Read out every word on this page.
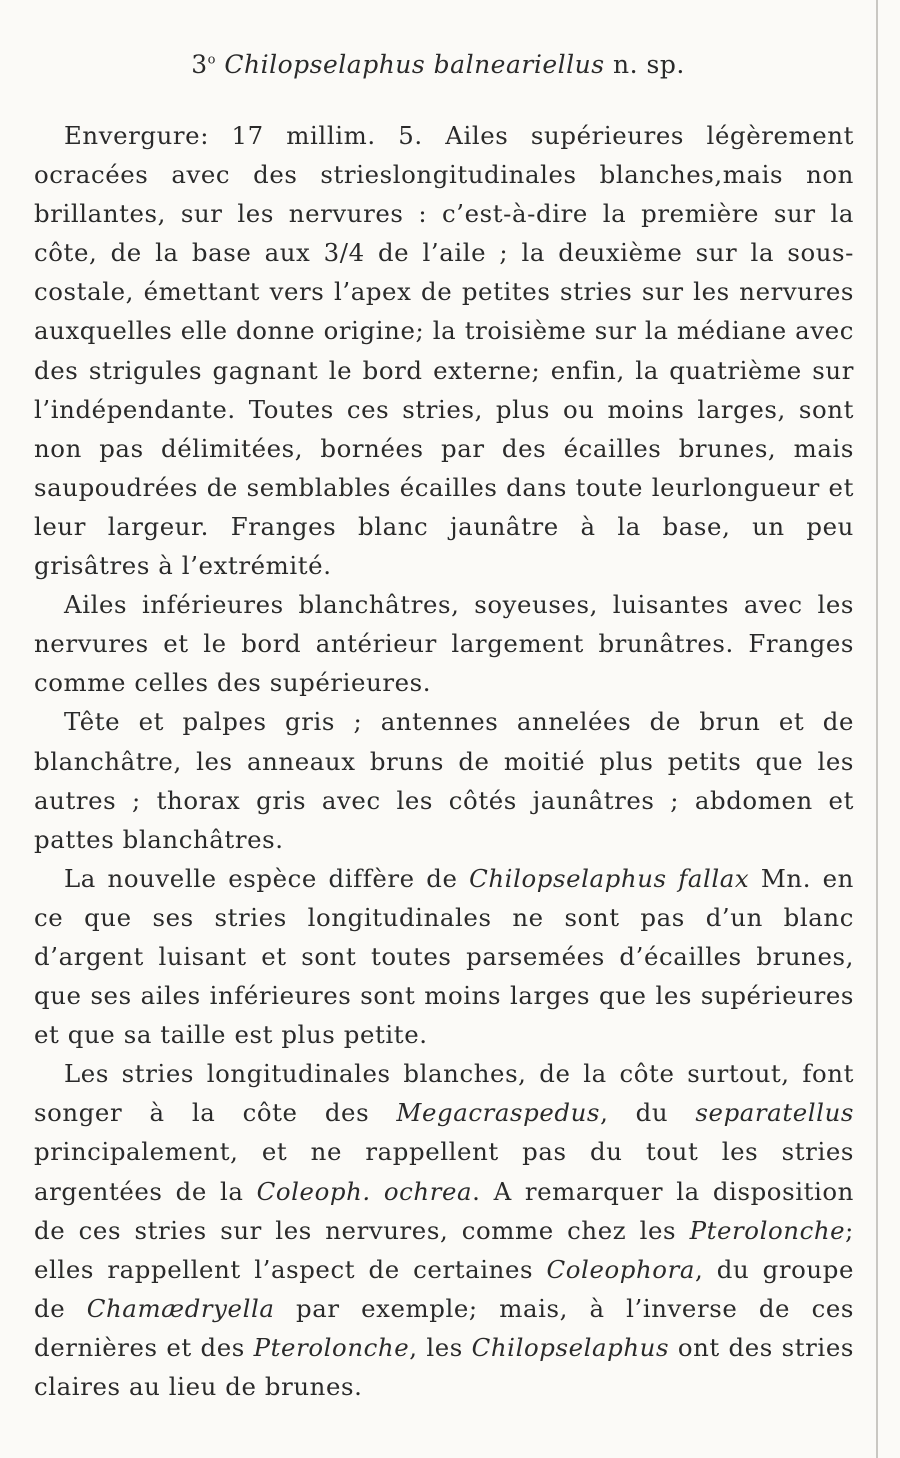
3$^o$ Chilopselaphus balneariellus n. sp.

Envergure: 17 millim. 5. Ailes supérieures légèrement ocracées avec des strieslongitudinales blanches,mais non brillantes, sur les nervures : c’est-à-dire la première sur la côte, de la base aux 3/4 de l’aile ; la deuxième sur la sous-costale, émettant vers l’apex de petites stries sur les nervures auxquelles elle donne origine; la troisième sur la médiane avec des strigules gagnant le bord externe; enfin, la quatrième sur l’indépendante. Toutes ces stries, plus ou moins larges, sont non pas délimitées, bornées par des écailles brunes, mais saupoudrées de semblables écailles dans toute leurlongueur et leur largeur. Franges blanc jaunâtre à la base, un peu grisâtres à l’extrémité.

Ailes inférieures blanchâtres, soyeuses, luisantes avec les nervures et le bord antérieur largement brunâtres. Franges comme celles des supérieures.

Tête et palpes gris ; antennes annelées de brun et de blanchâtre, les anneaux bruns de moitié plus petits que les autres ; thorax gris avec les côtés jaunâtres ; abdomen et pattes blanchâtres.

La nouvelle espèce diffère de Chilopselaphus fallax Mn. en ce que ses stries longitudinales ne sont pas d’un blanc d’argent luisant et sont toutes parsemées d’écailles brunes, que ses ailes inférieures sont moins larges que les supérieures et que sa taille est plus petite.

Les stries longitudinales blanches, de la côte surtout, font songer à la côte des Megacraspedus, du separatellus principalement, et ne rappellent pas du tout les stries argentées de la Coleoph. ochrea. A remarquer la disposition de ces stries sur les nervures, comme chez les Pterolonche; elles rappellent l’aspect de certaines Coleophora, du groupe de Chamædryella par exemple; mais, à l’inverse de ces dernières et des Pterolonche, les Chilopselaphus ont des stries claires au lieu de brunes.
